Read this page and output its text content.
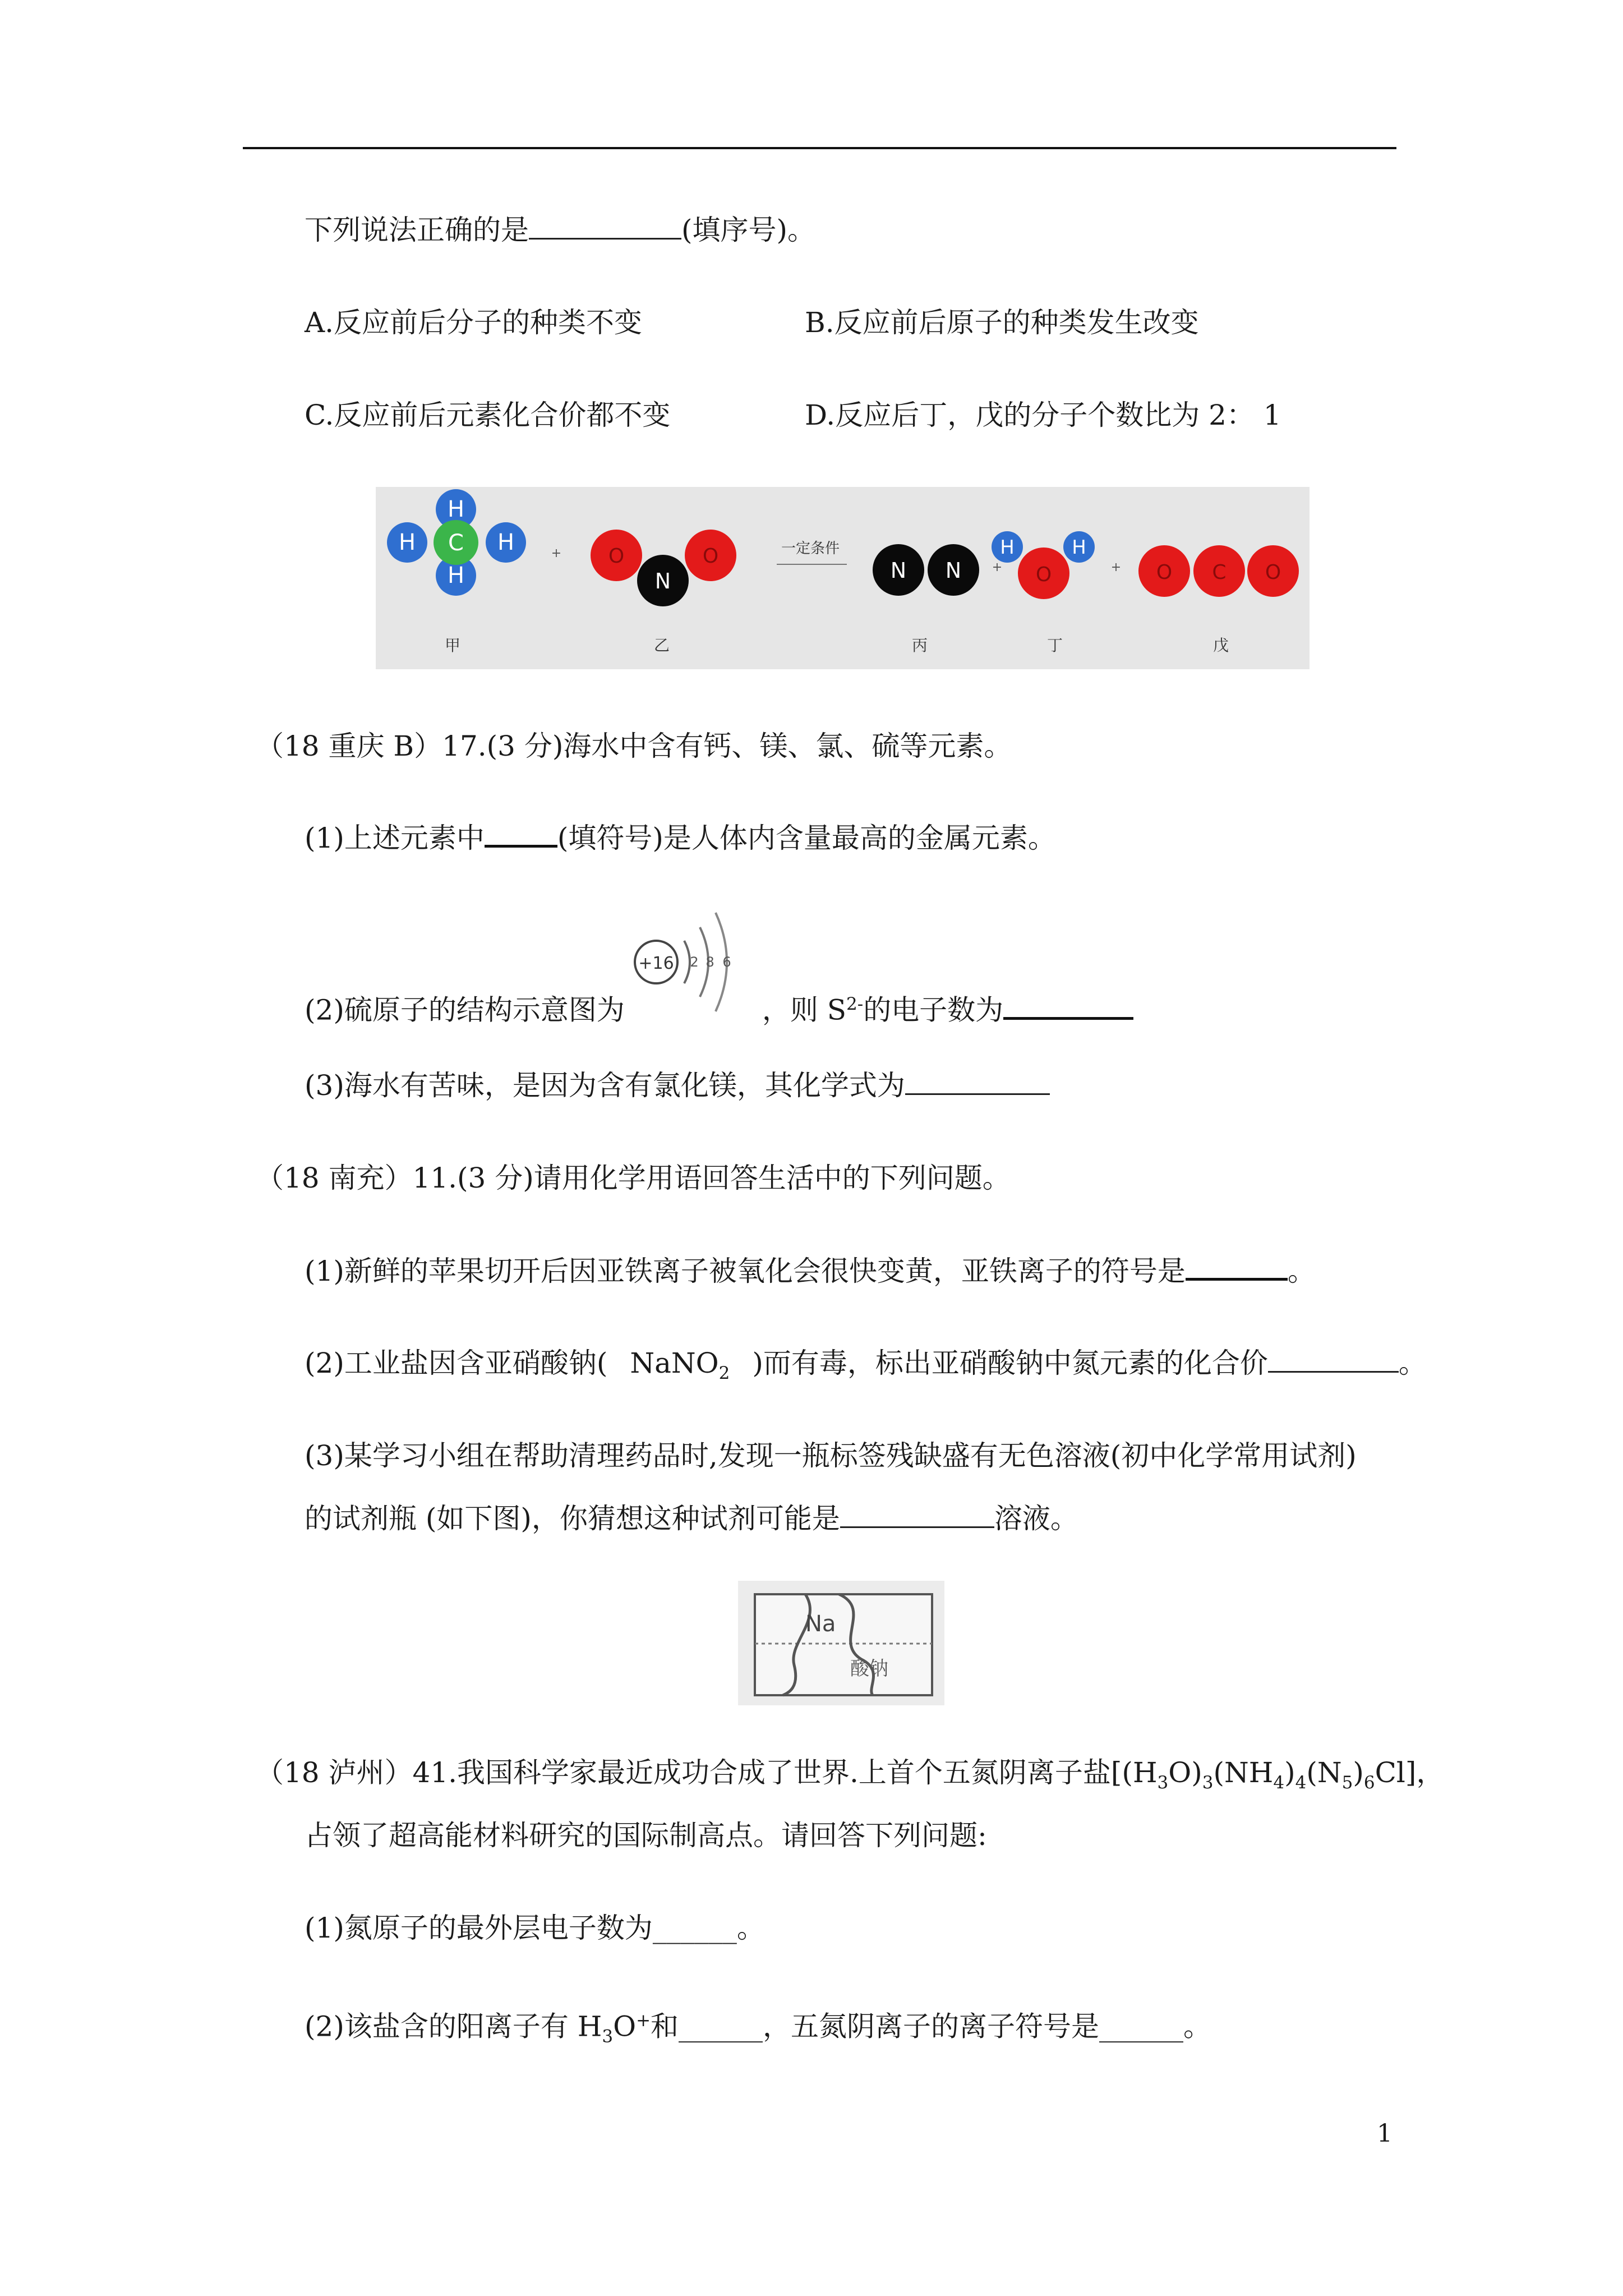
下列说法正确的是	(填序号)。
A.反应前后分子的种类不变	B.反应前后原子的种类发生改变
C.反应前后元素化合价都不变	D.反应后丁，戊的分子个数比为 2： 1
H
H
H	H
C	+ O	O
N
一定条件
N N +
H	H
O	+ O C O
甲	乙	丙	丁	戊
（18 重庆 B）17.(3 分)海水中含有钙、镁、氯、硫等元素。
(1)上述元素中	(填符号)是人体内含量最高的金属元素。
+16 2 8 6
(2)硫原子的结构示意图为	，则 $S^{2-}$的电子数为
(3)海水有苦味，是因为含有氯化镁，其化学式为
（18 南充）11.(3 分)请用化学用语回答生活中的下列问题。
(1)新鲜的苹果切开后因亚铁离子被氧化会很快变黄，亚铁离子的符号是	。
(2)工业盐因含亚硝酸钠( NaNO$_2$ )而有毒，标出亚硝酸钠中氮元素的化合价	。
(3)某学习小组在帮助清理药品时,发现一瓶标签残缺盛有无色溶液(初中化学常用试剂)
的试剂瓶 (如下图)，你猜想这种试剂可能是	溶液。
Na
酸钠
（18 泸州）41.我国科学家最近成功合成了世界.上首个五氮阴离子盐$[(H_3O)_3(NH_4)_4(N_5)_6Cl]$，
占领了超高能材料研究的国际制高点。请回答下列问题:
(1)氮原子的最外层电子数为______。
(2)该盐含的阳离子有 $H_3O^+$和______，五氮阴离子的离子符号是______。
1
